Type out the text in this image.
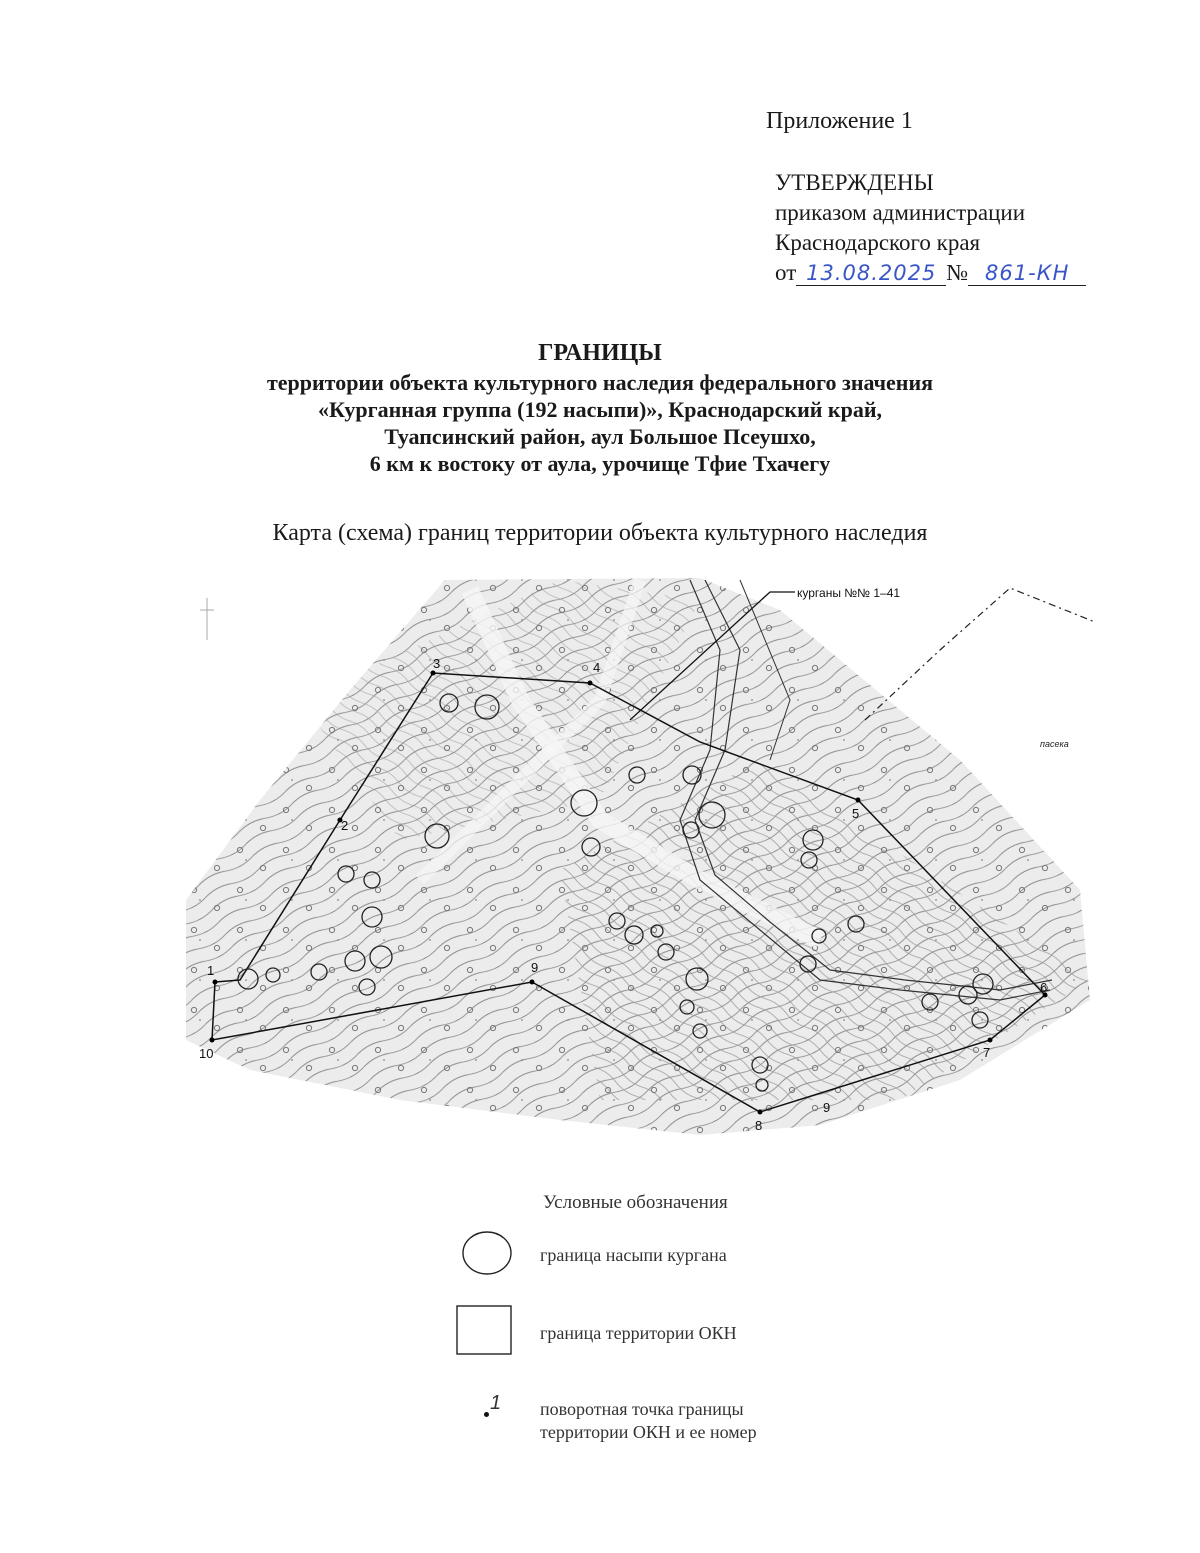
Приложение 1
УТВЕРЖДЕНЫ
приказом администрации
Краснодарского края
от 13.08.2025 № 861-КН
ГРАНИЦЫ
территории объекта культурного наследия федерального значения
«Курганная группа (192 насыпи)», Краснодарский край,
Туапсинский район, аул Большое Псеушхо,
6 км к востоку от аула, урочище Тфие Тхачегу
Карта (схема) границ территории объекта культурного наследия
1
2
3	4
5
6
7
8
9
10
9
курганы №№ 1–41
пасека
Условные обозначения
граница насыпи кургана
граница территории ОКН
1 поворотная точка границы
территории ОКН и ее номер
